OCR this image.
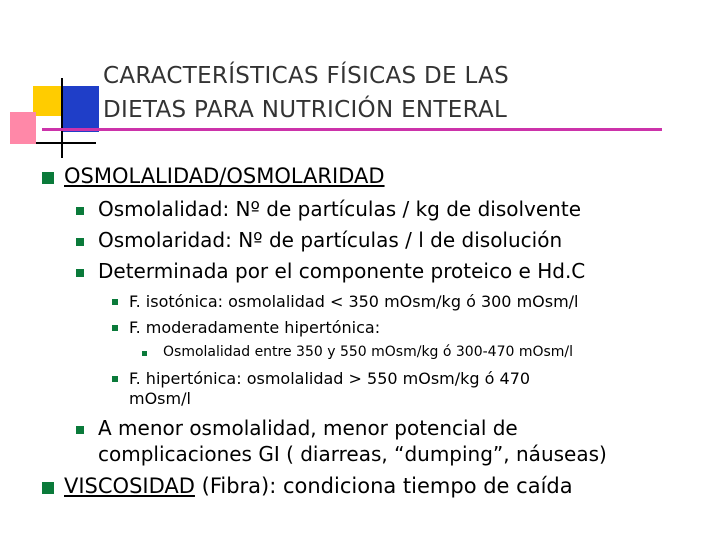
CARACTERÍSTICAS FÍSICAS DE LAS
DIETAS PARA NUTRICIÓN ENTERAL
OSMOLALIDAD/OSMOLARIDAD
Osmolalidad: Nº de partículas / kg de disolvente
Osmolaridad: Nº de partículas / l de disolución
Determinada por el componente proteico e Hd.C
F. isotónica: osmolalidad < 350 mOsm/kg ó 300 mOsm/l
F. moderadamente hipertónica:
Osmolalidad entre 350 y 550 mOsm/kg ó 300-470 mOsm/l
F. hipertónica: osmolalidad > 550 mOsm/kg ó 470
mOsm/l
A menor osmolalidad, menor potencial de
complicaciones GI ( diarreas, “dumping”, náuseas)
VISCOSIDAD (Fibra): condiciona tiempo de caída
